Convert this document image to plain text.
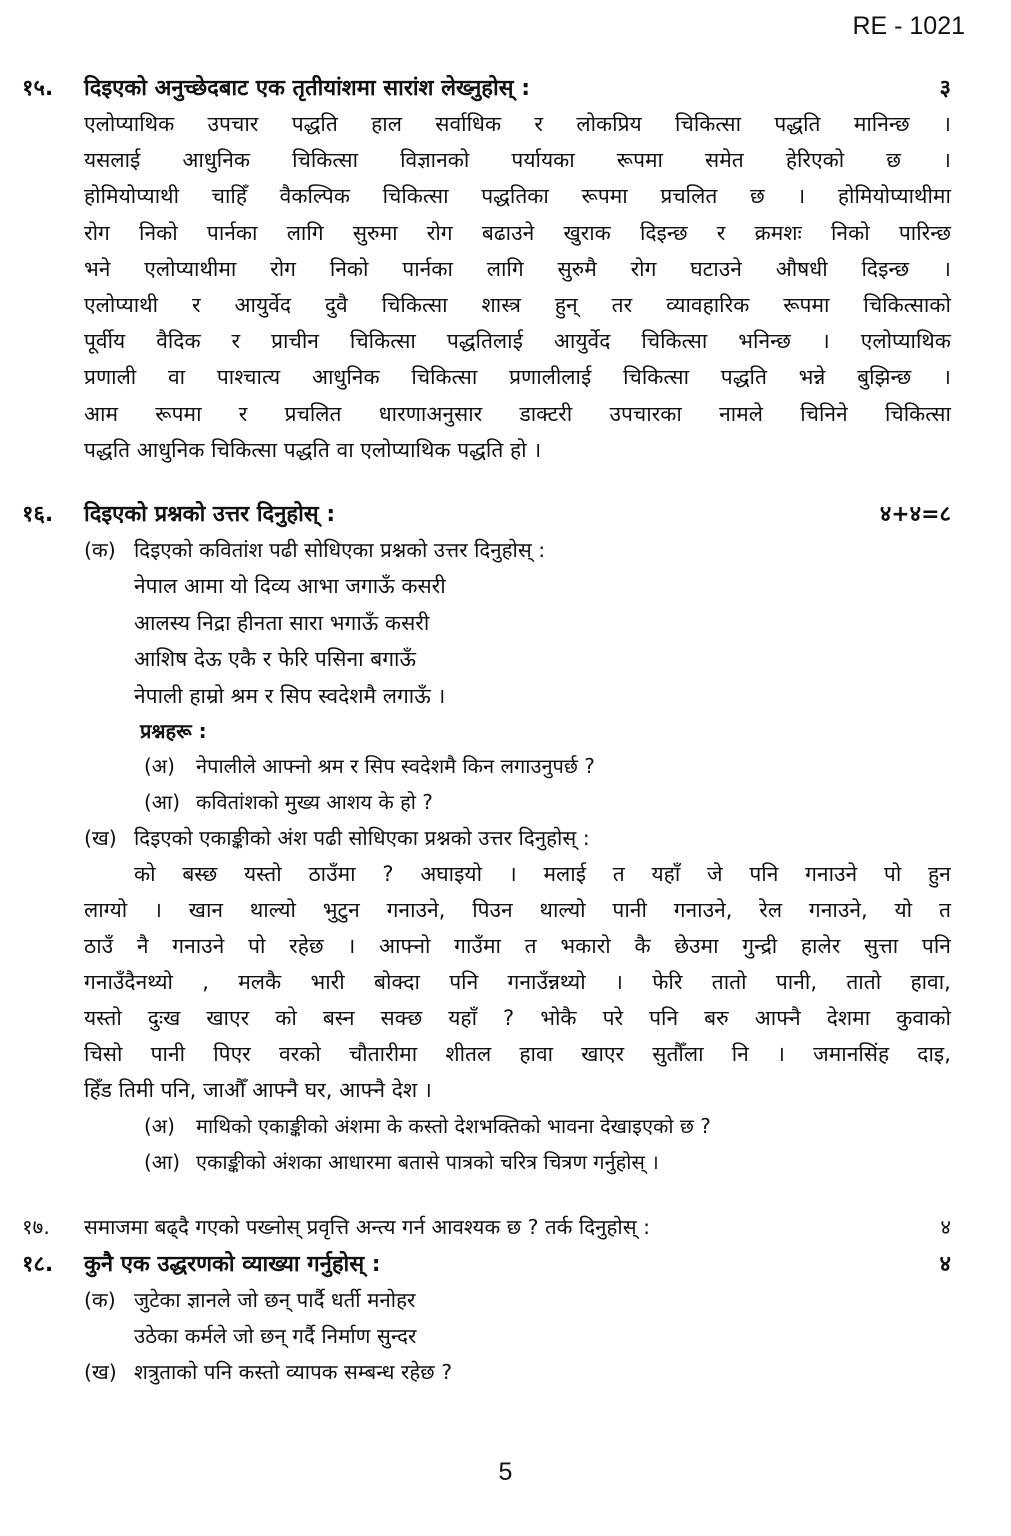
RE - 1021
१५.	दिइएको अनुच्छेदबाट एक तृतीयांशमा सारांश लेख्नुहोस् :	३
एलोप्याथिक उपचार पद्धति हाल सर्वाधिक र लोकप्रिय चिकित्सा पद्धति मानिन्छ ।
यसलाई आधुनिक चिकित्सा विज्ञानको पर्यायका रूपमा समेत हेरिएको छ ।
होमियोप्याथी चाहिँ वैकल्पिक चिकित्सा पद्धतिका रूपमा प्रचलित छ । होमियोप्याथीमा
रोग निको पार्नका लागि सुरुमा रोग बढाउने खुराक दिइन्छ र क्रमशः निको पारिन्छ
भने एलोप्याथीमा रोग निको पार्नका लागि सुरुमै रोग घटाउने औषधी दिइन्छ ।
एलोप्याथी र आयुर्वेद दुवै चिकित्सा शास्त्र हुन् तर व्यावहारिक रूपमा चिकित्साको
पूर्वीय वैदिक र प्राचीन चिकित्सा पद्धतिलाई आयुर्वेद चिकित्सा भनिन्छ । एलोप्याथिक
प्रणाली वा पाश्चात्य आधुनिक चिकित्सा प्रणालीलाई चिकित्सा पद्धति भन्ने बुझिन्छ ।
आम रूपमा र प्रचलित धारणाअनुसार डाक्टरी उपचारका नामले चिनिने चिकित्सा
पद्धति आधुनिक चिकित्सा पद्धति वा एलोप्याथिक पद्धति हो ।
१६.	दिइएको प्रश्नको उत्तर दिनुहोस् :	४+४=८
(क) दिइएको कवितांश पढी सोधिएका प्रश्नको उत्तर दिनुहोस् :
नेपाल आमा यो दिव्य आभा जगाऊँ कसरी
आलस्य निद्रा हीनता सारा भगाऊँ कसरी
आशिष देऊ एकै र फेरि पसिना बगाऊँ
नेपाली हाम्रो श्रम र सिप स्वदेशमै लगाऊँ ।
प्रश्नहरू :
(अ)	नेपालीले आफ्नो श्रम र सिप स्वदेशमै किन लगाउनुपर्छ ?
(आ) कवितांशको मुख्य आशय के हो ?
(ख) दिइएको एकाङ्कीको अंश पढी सोधिएका प्रश्नको उत्तर दिनुहोस् :
को बस्छ यस्तो ठाउँमा ? अघाइयो । मलाई त यहाँ जे पनि गनाउने पो हुन
लाग्यो । खान थाल्यो भुटुन गनाउने, पिउन थाल्यो पानी गनाउने, रेल गनाउने, यो त
ठाउँ नै गनाउने पो रहेछ । आफ्नो गाउँमा त भकारो कै छेउमा गुन्द्री हालेर सुत्ता पनि
गनाउँदैनथ्यो , मलकै भारी बोक्दा पनि गनाउँन्नथ्यो । फेरि तातो पानी, तातो हावा,
यस्तो दुःख खाएर को बस्न सक्छ यहाँ ? भोकै परे पनि बरु आफ्नै देशमा कुवाको
चिसो पानी पिएर वरको चौतारीमा शीतल हावा खाएर सुतौँला नि । जमानसिंह दाइ,
हिँड तिमी पनि, जाऔँ आफ्नै घर, आफ्नै देश ।
(अ)	माथिको एकाङ्कीको अंशमा के कस्तो देशभक्तिको भावना देखाइएको छ ?
(आ) एकाङ्कीको अंशका आधारमा बतासे पात्रको चरित्र चित्रण गर्नुहोस् ।
१७.	समाजमा बढ्दै गएको पख्नोस् प्रवृत्ति अन्त्य गर्न आवश्यक छ ? तर्क दिनुहोस् :	४
१८.	कुनै एक उद्धरणको व्याख्या गर्नुहोस् :	४
(क) जुटेका ज्ञानले जो छन् पार्दै धर्ती मनोहर
उठेका कर्मले जो छन् गर्दै निर्माण सुन्दर
(ख) शत्रुताको पनि कस्तो व्यापक सम्बन्ध रहेछ ?
5
